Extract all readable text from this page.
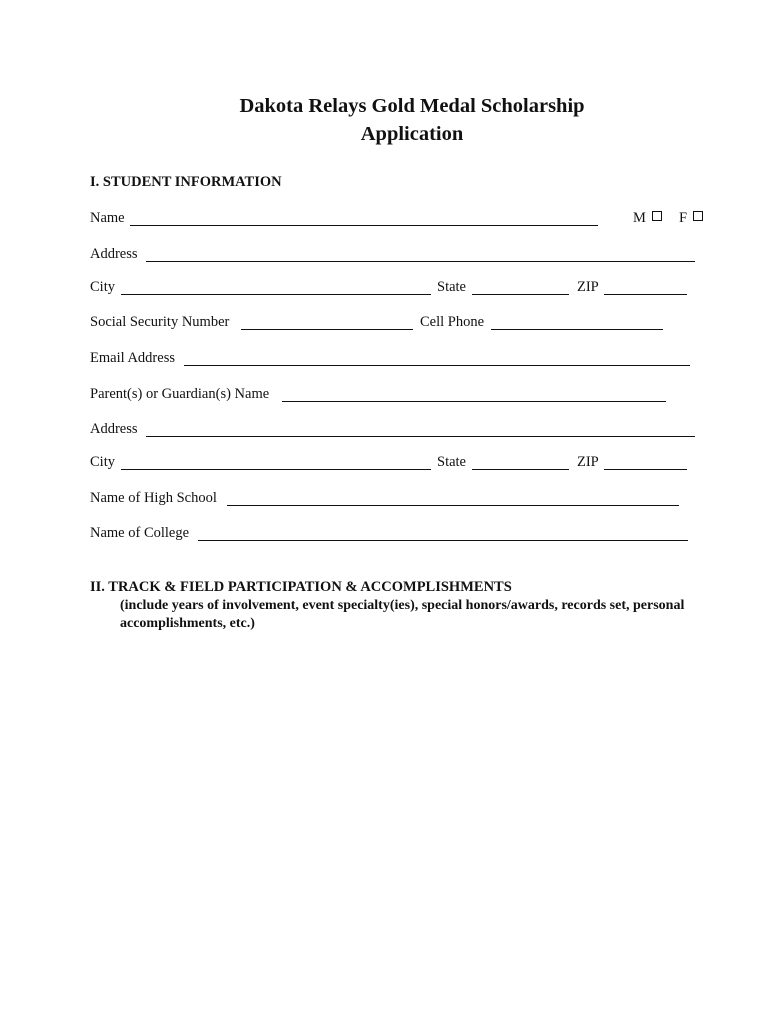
Dakota Relays Gold Medal Scholarship
Application
I. STUDENT INFORMATION
Name	M F
Address
City	State	ZIP
Social Security Number	Cell Phone
Email Address
Parent(s) or Guardian(s) Name
Address
City	State	ZIP
Name of High School
Name of College
II. TRACK & FIELD PARTICIPATION & ACCOMPLISHMENTS
(include years of involvement, event specialty(ies), special honors/awards, records set, personal
accomplishments, etc.)
